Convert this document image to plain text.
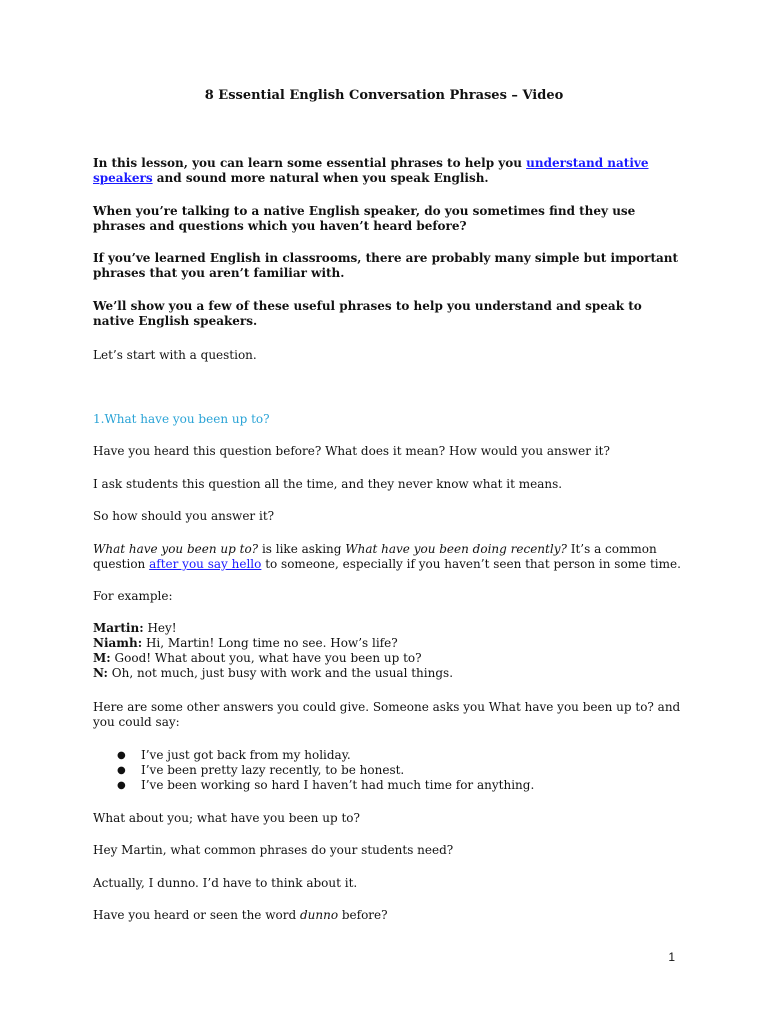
8 Essential English Conversation Phrases – Video
In this lesson, you can learn some essential phrases to help you understand native speakers and sound more natural when you speak English.
When you’re talking to a native English speaker, do you sometimes find they use phrases and questions which you haven’t heard before?
If you’ve learned English in classrooms, there are probably many simple but important phrases that you aren’t familiar with.
We’ll show you a few of these useful phrases to help you understand and speak to native English speakers.
Let’s start with a question.
1.What have you been up to?
Have you heard this question before? What does it mean? How would you answer it?
I ask students this question all the time, and they never know what it means.
So how should you answer it?
What have you been up to? is like asking What have you been doing recently? It’s a common question after you say hello to someone, especially if you haven’t seen that person in some time.
For example:
Martin: Hey!
Niamh: Hi, Martin! Long time no see. How’s life?
M: Good! What about you, what have you been up to?
N: Oh, not much, just busy with work and the usual things.
Here are some other answers you could give. Someone asks you What have you been up to? and you could say:
● I’ve just got back from my holiday.
● I’ve been pretty lazy recently, to be honest.
● I’ve been working so hard I haven’t had much time for anything.
What about you; what have you been up to?
Hey Martin, what common phrases do your students need?
Actually, I dunno. I’d have to think about it.
Have you heard or seen the word dunno before?
1
